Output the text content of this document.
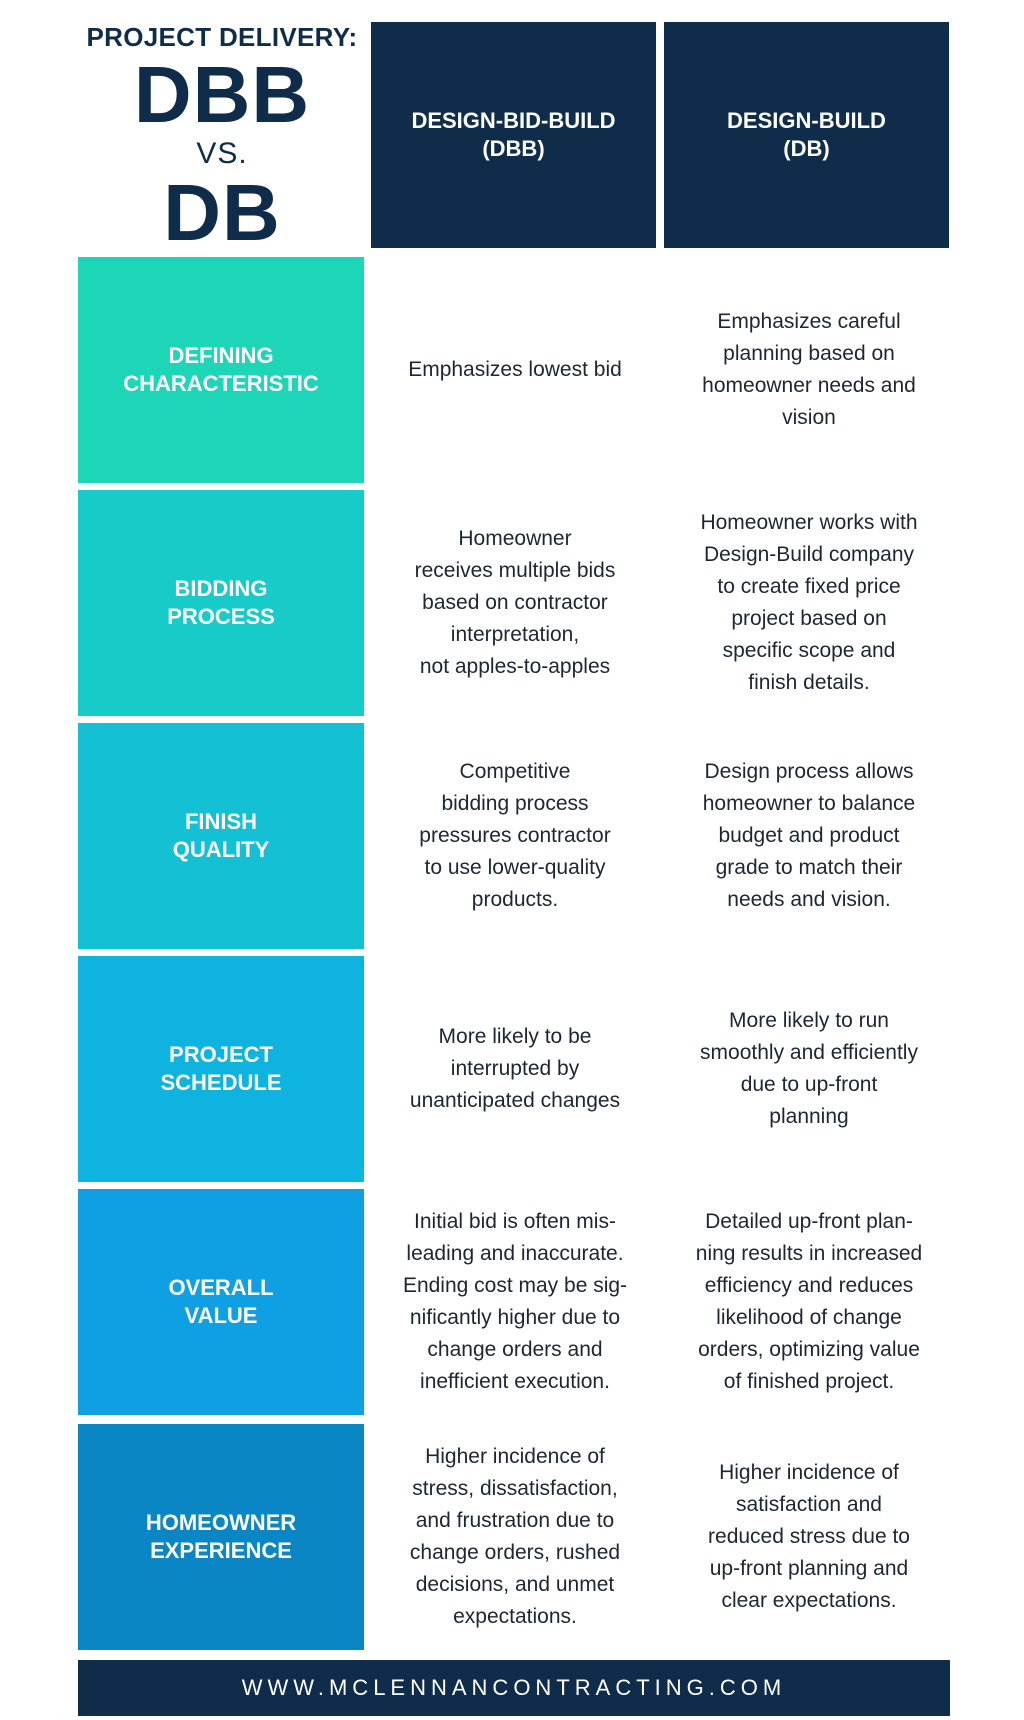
PROJECT DELIVERY:
DBB
VS.
DB
DESIGN-BID-BUILD
(DBB)
DESIGN-BUILD
(DB)
DEFINING
CHARACTERISTIC
Emphasizes lowest bid
Emphasizes careful
planning based on
homeowner needs and
vision
BIDDING
PROCESS
Homeowner
receives multiple bids
based on contractor
interpretation,
not apples-to-apples
Homeowner works with
Design-Build company
to create fixed price
project based on
specific scope and
finish details.
FINISH
QUALITY
Competitive
bidding process
pressures contractor
to use lower-quality
products.
Design process allows
homeowner to balance
budget and product
grade to match their
needs and vision.
PROJECT
SCHEDULE
More likely to be
interrupted by
unanticipated changes
More likely to run
smoothly and efficiently
due to up-front
planning
OVERALL
VALUE
Initial bid is often mis-
leading and inaccurate.
Ending cost may be sig-
nificantly higher due to
change orders and
inefficient execution.
Detailed up-front plan-
ning results in increased
efficiency and reduces
likelihood of change
orders, optimizing value
of finished project.
HOMEOWNER
EXPERIENCE
Higher incidence of
stress, dissatisfaction,
and frustration due to
change orders, rushed
decisions, and unmet
expectations.
Higher incidence of
satisfaction and
reduced stress due to
up-front planning and
clear expectations.
WWW.MCLENNANCONTRACTING.COM
